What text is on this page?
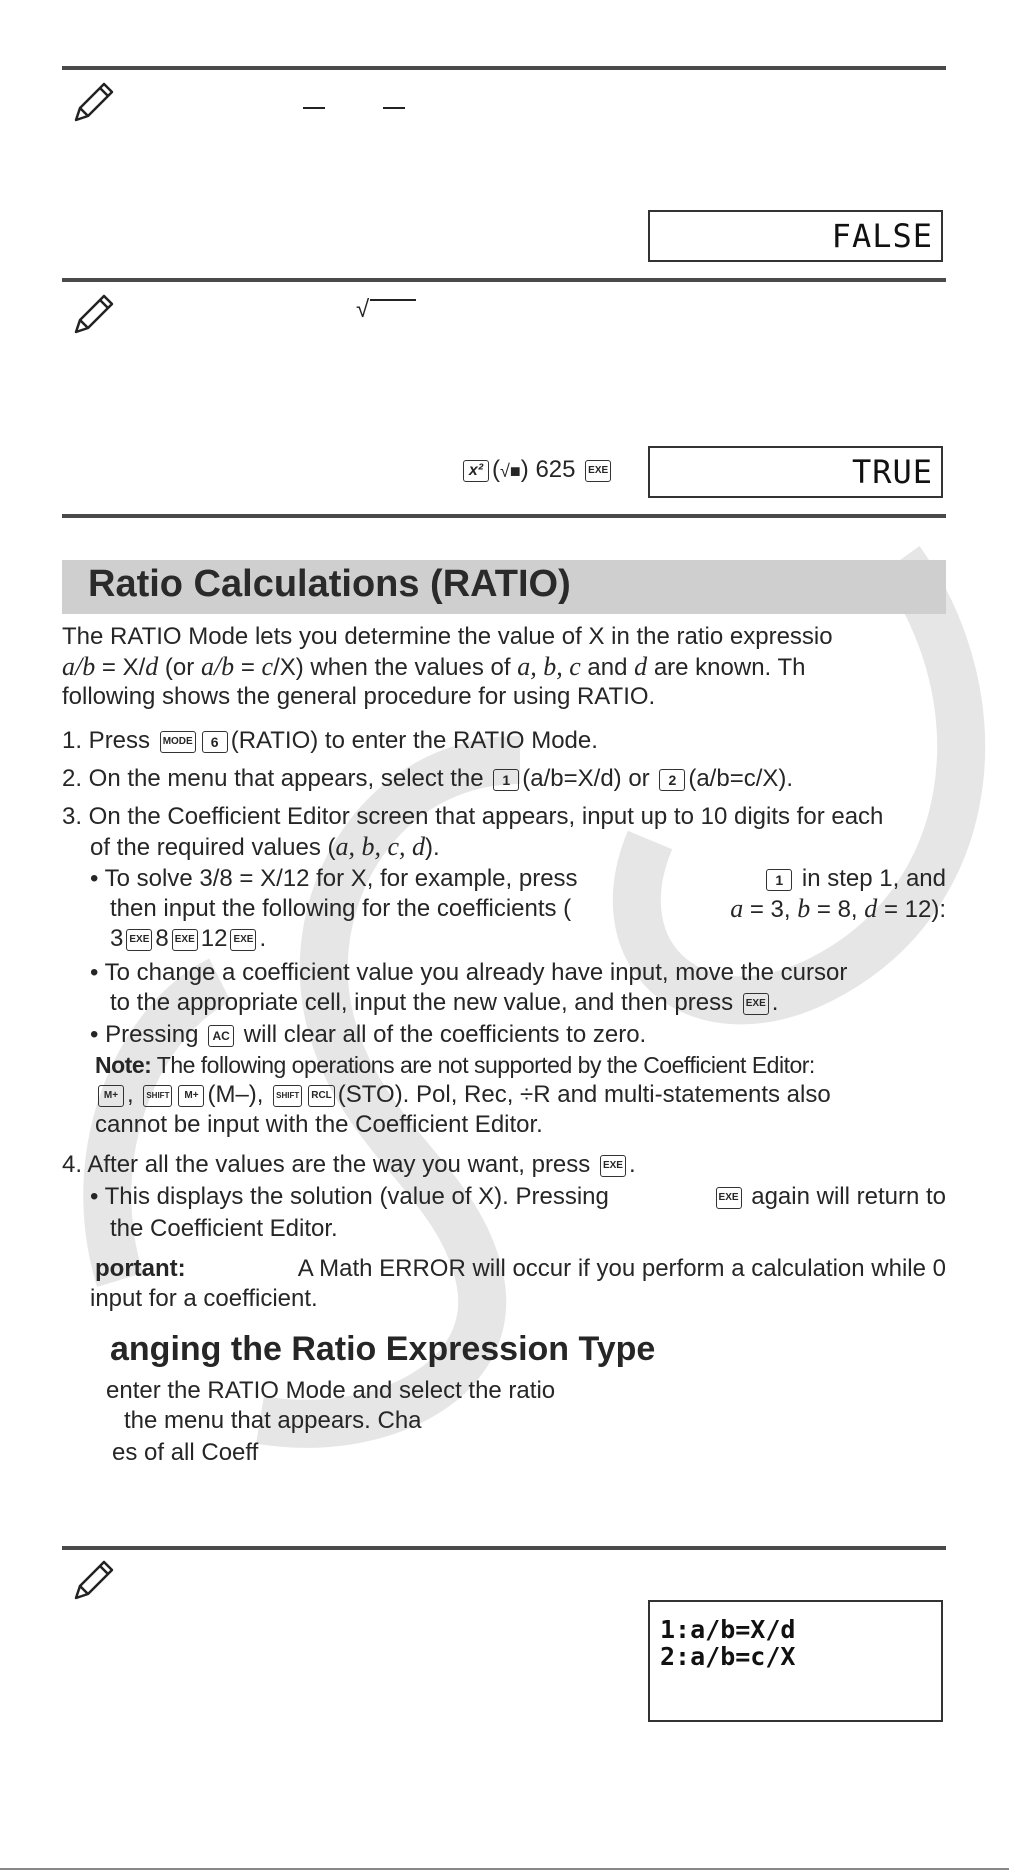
FALSE
√
x² (√■) 625 EXE	TRUE
Ratio Calculations (RATIO)
The RATIO Mode lets you determine the value of X in the ratio expressio
a/b = X/d (or a/b = c/X) when the values of a, b, c and d are known. Th
following shows the general procedure for using RATIO.
1. Press MODE 6 (RATIO) to enter the RATIO Mode.
2. On the menu that appears, select the 1 (a/b=X/d) or 2 (a/b=c/X).
3. On the Coefficient Editor screen that appears, input up to 10 digits for each
of the required values (a, b, c, d).
• To solve 3/8 = X/12 for X, for example, press	1 in step 1, and
then input the following for the coefficients (	a = 3, b = 8, d = 12):
3 EXE 8 EXE 12 EXE .
• To change a coefficient value you already have input, move the cursor
to the appropriate cell, input the new value, and then press EXE .
• Pressing AC will clear all of the coefficients to zero.
Note: The following operations are not supported by the Coefficient Editor:
M+ , SHIFT M+ (M–), SHIFT RCL (STO). Pol, Rec, ÷R and multi-statements also
cannot be input with the Coefficient Editor.
4. After all the values are the way you want, press EXE .
• This displays the solution (value of X). Pressing	EXE again will return to
the Coefficient Editor.
portant:	A Math ERROR will occur if you perform a calculation while 0
input for a coefficient.
anging the Ratio Expression Type
enter the RATIO Mode and select the ratio
the menu that appears. Cha
es of all Coeff
1:a/b=X/d
2:a/b=c/X
